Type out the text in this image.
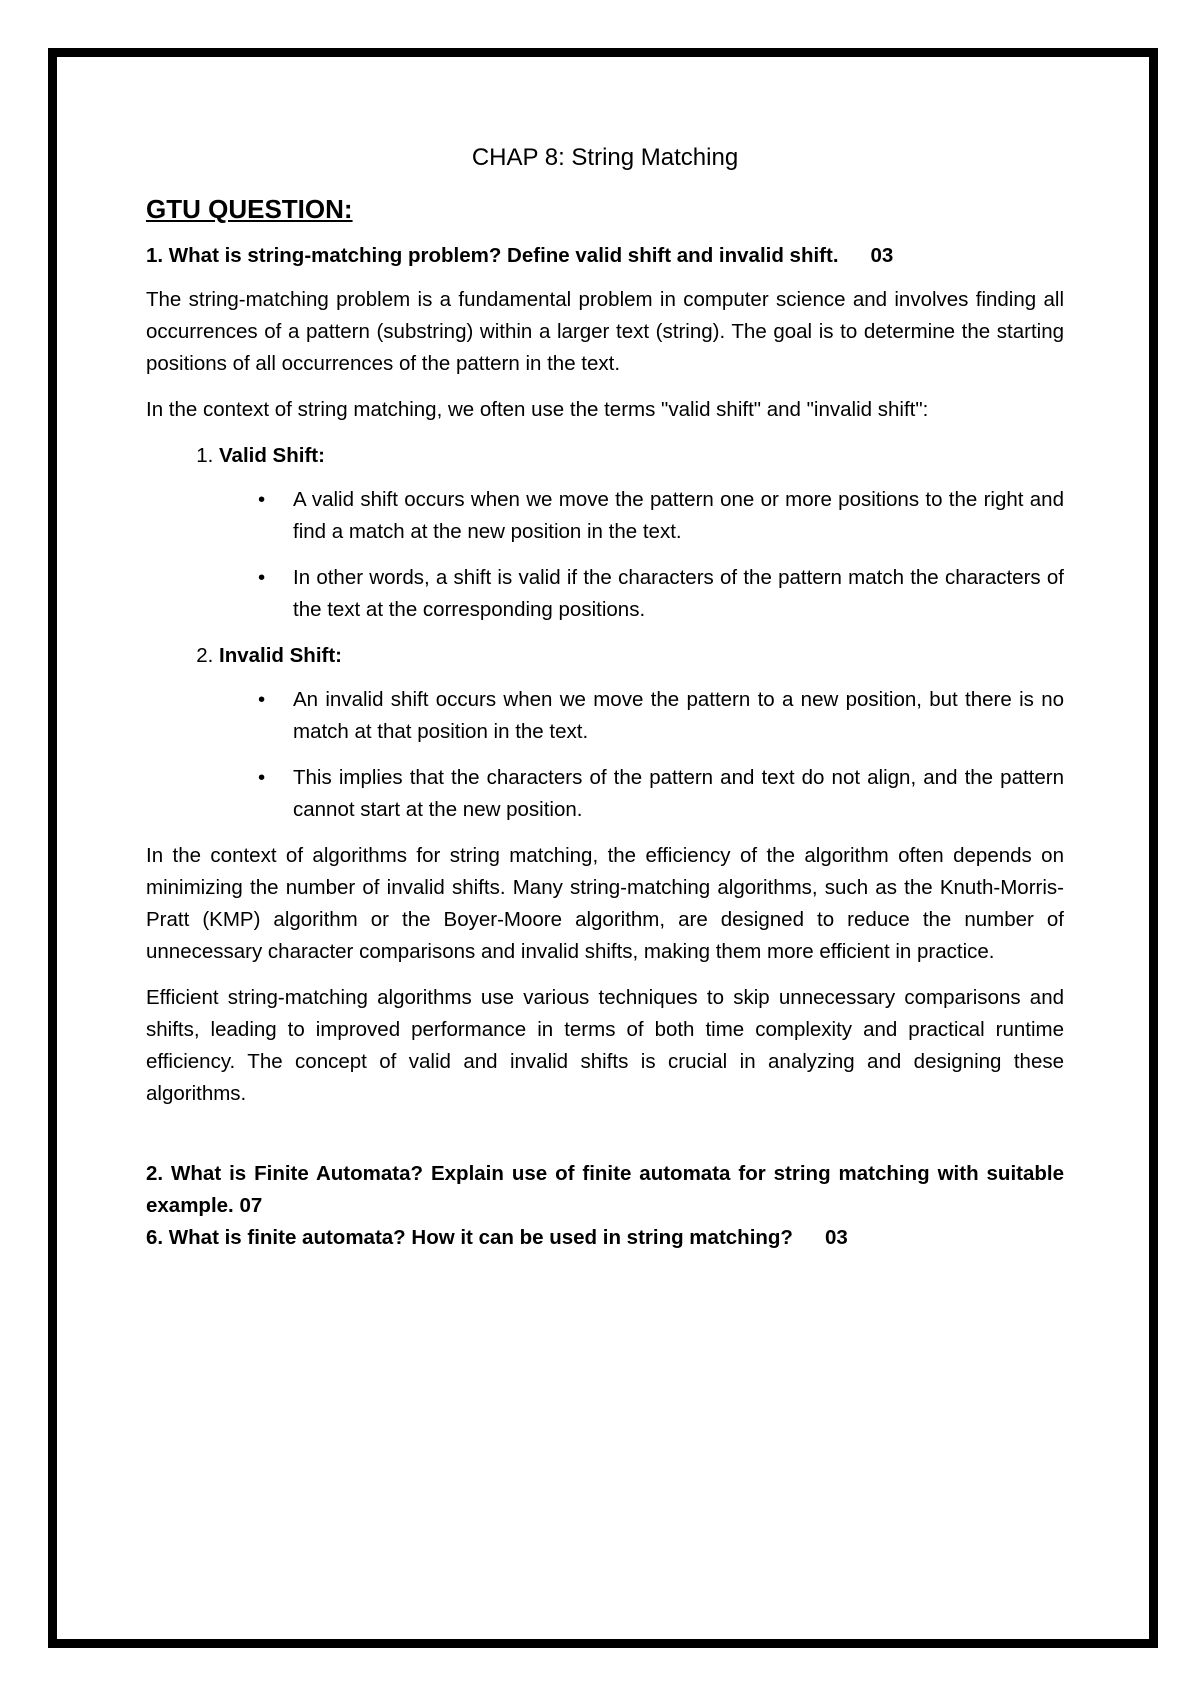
CHAP 8: String Matching
GTU QUESTION:
1. What is string-matching problem? Define valid shift and invalid shift. 03

The string-matching problem is a fundamental problem in computer science and involves finding all occurrences of a pattern (substring) within a larger text (string). The goal is to determine the starting positions of all occurrences of the pattern in the text.

In the context of string matching, we often use the terms "valid shift" and "invalid shift":

1. Valid Shift:
• A valid shift occurs when we move the pattern one or more positions to the right and find a match at the new position in the text.
• In other words, a shift is valid if the characters of the pattern match the characters of the text at the corresponding positions.
2. Invalid Shift:
• An invalid shift occurs when we move the pattern to a new position, but there is no match at that position in the text.
• This implies that the characters of the pattern and text do not align, and the pattern cannot start at the new position.

In the context of algorithms for string matching, the efficiency of the algorithm often depends on minimizing the number of invalid shifts. Many string-matching algorithms, such as the Knuth-Morris-Pratt (KMP) algorithm or the Boyer-Moore algorithm, are designed to reduce the number of unnecessary character comparisons and invalid shifts, making them more efficient in practice.

Efficient string-matching algorithms use various techniques to skip unnecessary comparisons and shifts, leading to improved performance in terms of both time complexity and practical runtime efficiency. The concept of valid and invalid shifts is crucial in analyzing and designing these algorithms.

2. What is Finite Automata? Explain use of finite automata for string matching with suitable example. 07
6. What is finite automata? How it can be used in string matching? 03
